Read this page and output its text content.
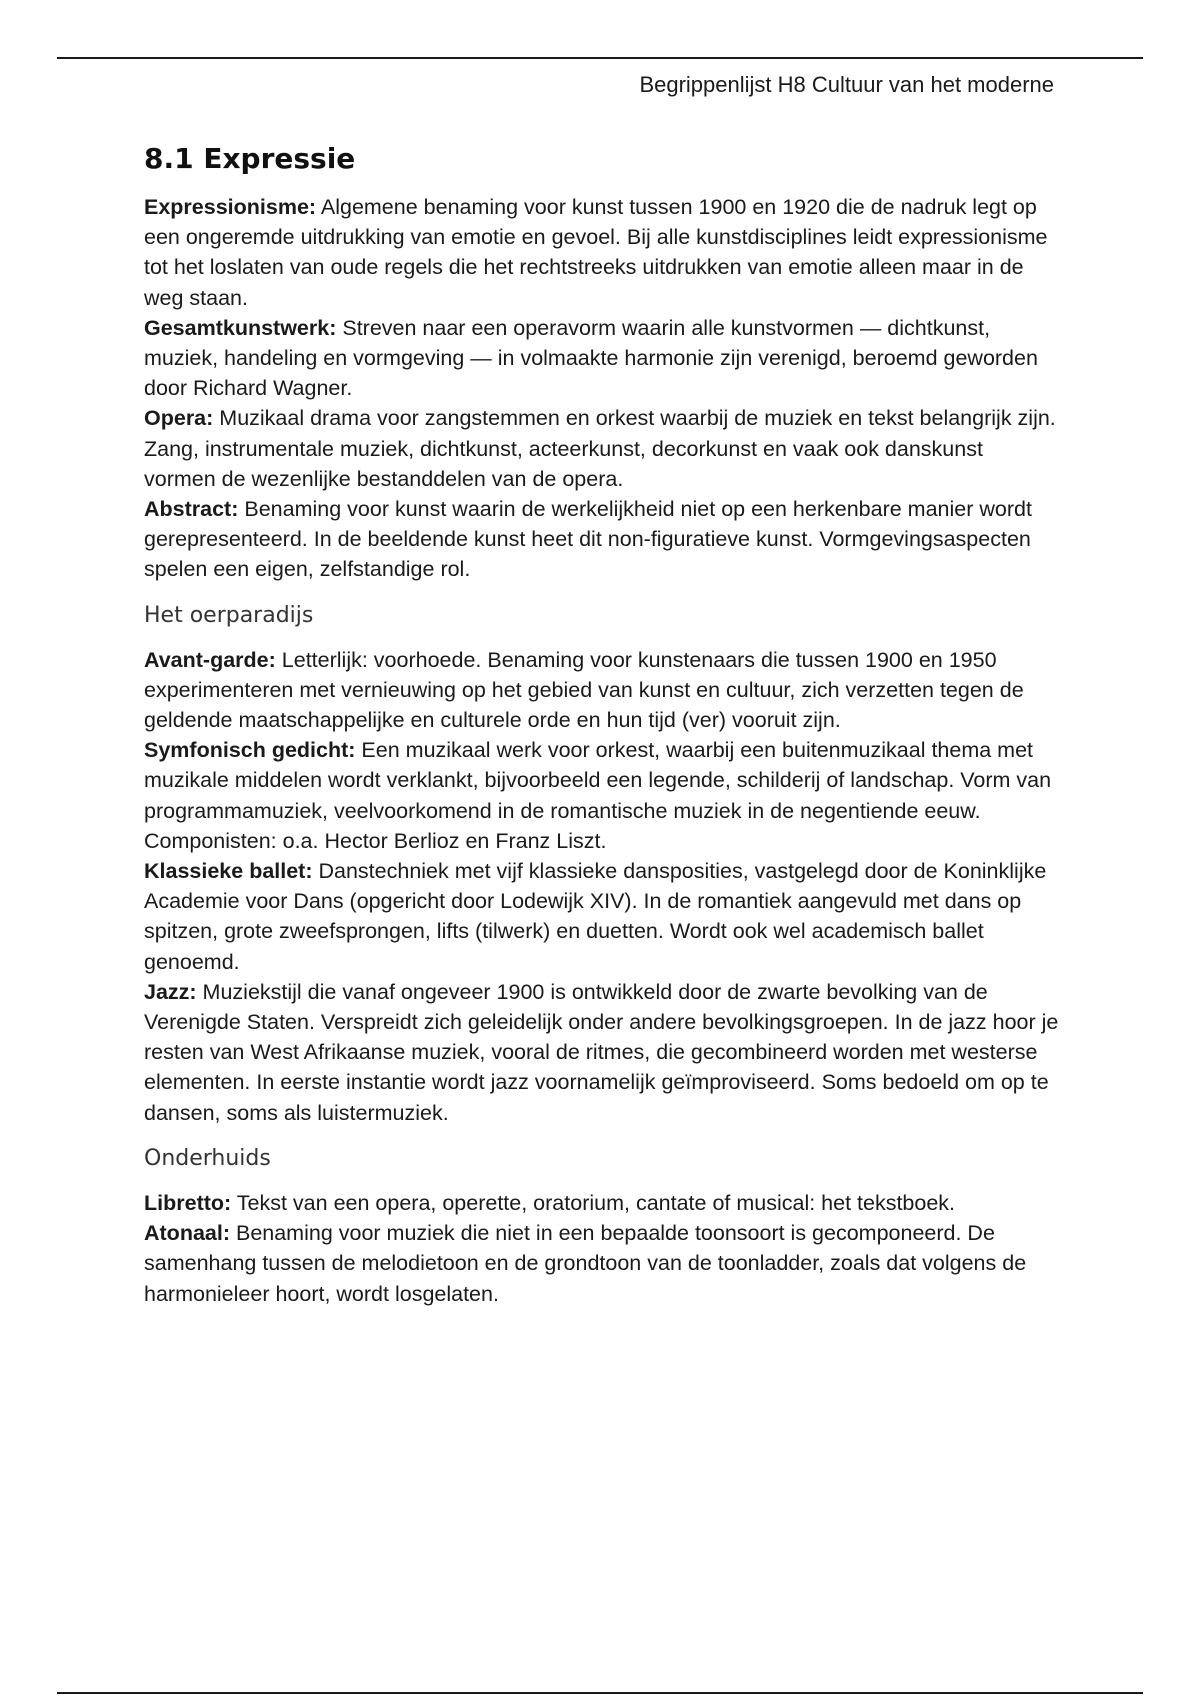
Begrippenlijst H8 Cultuur van het moderne
8.1 Expressie

Expressionisme: Algemene benaming voor kunst tussen 1900 en 1920 die de nadruk legt op een ongeremde uitdrukking van emotie en gevoel. Bij alle kunstdisciplines leidt expressionisme tot het loslaten van oude regels die het rechtstreeks uitdrukken van emotie alleen maar in de weg staan.

Gesamtkunstwerk: Streven naar een operavorm waarin alle kunstvormen — dichtkunst, muziek, handeling en vormgeving — in volmaakte harmonie zijn verenigd, beroemd geworden door Richard Wagner.

Opera: Muzikaal drama voor zangstemmen en orkest waarbij de muziek en tekst belangrijk zijn. Zang, instrumentale muziek, dichtkunst, acteerkunst, decorkunst en vaak ook danskunst vormen de wezenlijke bestanddelen van de opera.

Abstract: Benaming voor kunst waarin de werkelijkheid niet op een herkenbare manier wordt gerepresenteerd. In de beeldende kunst heet dit non-figuratieve kunst. Vormgevingsaspecten spelen een eigen, zelfstandige rol.

Het oerparadijs

Avant-garde: Letterlijk: voorhoede. Benaming voor kunstenaars die tussen 1900 en 1950 experimenteren met vernieuwing op het gebied van kunst en cultuur, zich verzetten tegen de geldende maatschappelijke en culturele orde en hun tijd (ver) vooruit zijn.

Symfonisch gedicht: Een muzikaal werk voor orkest, waarbij een buitenmuzikaal thema met muzikale middelen wordt verklankt, bijvoorbeeld een legende, schilderij of landschap. Vorm van programmamuziek, veelvoorkomend in de romantische muziek in de negentiende eeuw. Componisten: o.a. Hector Berlioz en Franz Liszt.

Klassieke ballet: Danstechniek met vijf klassieke dansposities, vastgelegd door de Koninklijke Academie voor Dans (opgericht door Lodewijk XIV). In de romantiek aangevuld met dans op spitzen, grote zweefsprongen, lifts (tilwerk) en duetten. Wordt ook wel academisch ballet genoemd.

Jazz: Muziekstijl die vanaf ongeveer 1900 is ontwikkeld door de zwarte bevolking van de Verenigde Staten. Verspreidt zich geleidelijk onder andere bevolkingsgroepen. In de jazz hoor je resten van West Afrikaanse muziek, vooral de ritmes, die gecombineerd worden met westerse elementen. In eerste instantie wordt jazz voornamelijk geïmproviseerd. Soms bedoeld om op te dansen, soms als luistermuziek.

Onderhuids

Libretto: Tekst van een opera, operette, oratorium, cantate of musical: het tekstboek.

Atonaal: Benaming voor muziek die niet in een bepaalde toonsoort is gecomponeerd. De samenhang tussen de melodietoon en de grondtoon van de toonladder, zoals dat volgens de harmonieleer hoort, wordt losgelaten.
